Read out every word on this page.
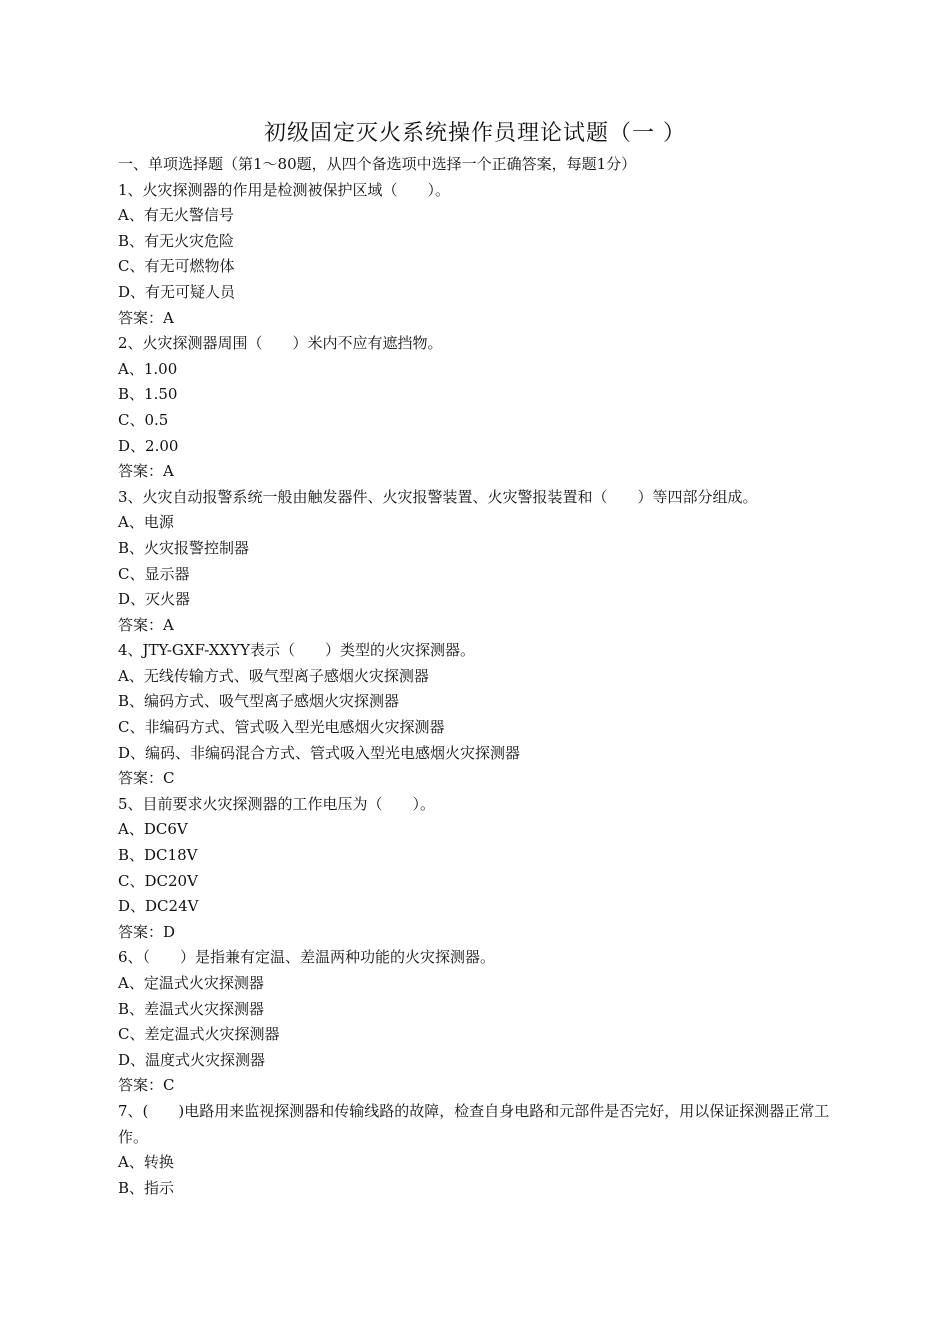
初级固定灭火系统操作员理论试题（一 ）
一、单项选择题（第1～80题，从四个备选项中选择一个正确答案，每题1分）
1、火灾探测器的作用是检测被保护区域（　　）。
A、有无火警信号
B、有无火灾危险
C、有无可燃物体
D、有无可疑人员
答案：A
2、火灾探测器周围（　　）米内不应有遮挡物。
A、1.00
B、1.50
C、0.5
D、2.00
答案：A
3、火灾自动报警系统一般由触发器件、火灾报警装置、火灾警报装置和（　　）等四部分组成。
A、电源
B、火灾报警控制器
C、显示器
D、灭火器
答案：A
4、JTY-GXF-XXYY表示（　　）类型的火灾探测器。
A、无线传输方式、吸气型离子感烟火灾探测器
B、编码方式、吸气型离子感烟火灾探测器
C、非编码方式、管式吸入型光电感烟火灾探测器
D、编码、非编码混合方式、管式吸入型光电感烟火灾探测器
答案：C
5、目前要求火灾探测器的工作电压为（　　）。
A、DC6V
B、DC18V
C、DC20V
D、DC24V
答案：D
6、（　　）是指兼有定温、差温两种功能的火灾探测器。
A、定温式火灾探测器
B、差温式火灾探测器
C、差定温式火灾探测器
D、温度式火灾探测器
答案：C
7、(　　)电路用来监视探测器和传输线路的故障，检查自身电路和元部件是否完好，用以保证探测器正常工作。
A、转换
B、指示
